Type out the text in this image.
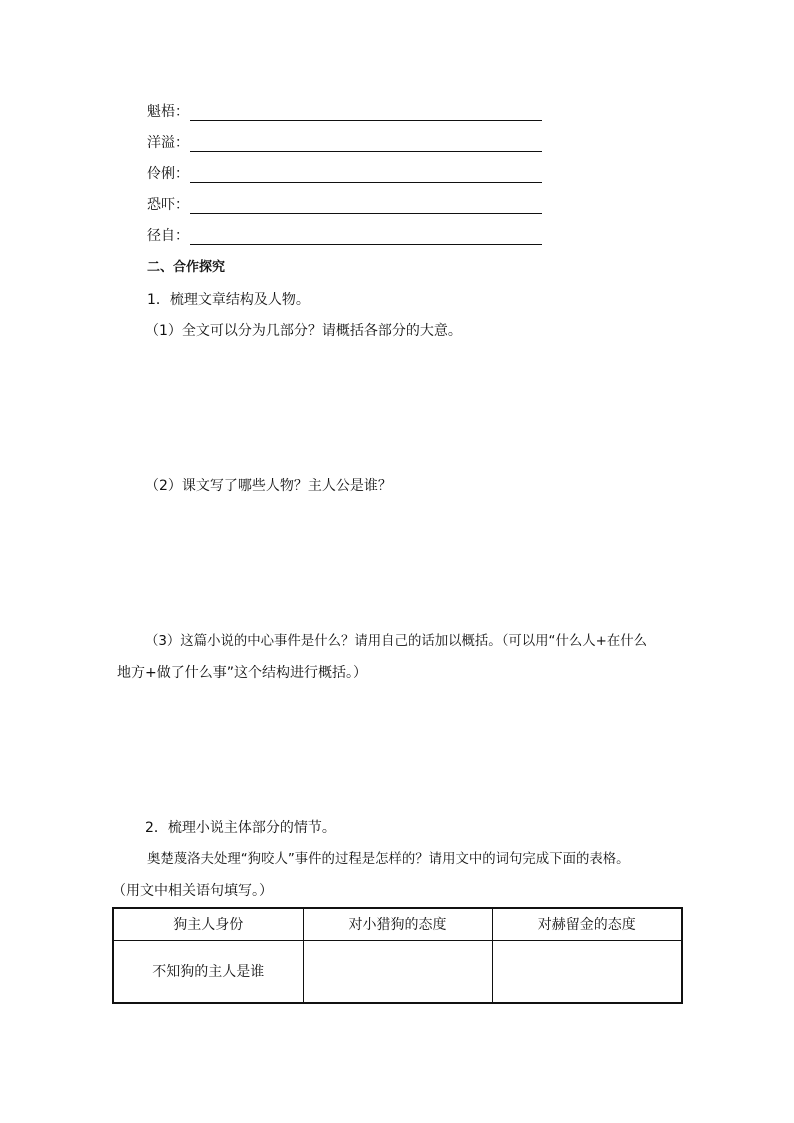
魁梧：
洋溢：
伶俐：
恐吓：
径自：
二、合作探究
1．梳理文章结构及人物。
（1）全文可以分为几部分？请概括各部分的大意。
（2）课文写了哪些人物？主人公是谁？
（3）这篇小说的中心事件是什么？请用自己的话加以概括。（可以用“什么人+在什么
地方+做了什么事”这个结构进行概括。）
2．梳理小说主体部分的情节。
奥楚蔑洛夫处理“狗咬人”事件的过程是怎样的？请用文中的词句完成下面的表格。
（用文中相关语句填写。）
狗主人身份	对小猎狗的态度	对赫留金的态度
不知狗的主人是谁		
